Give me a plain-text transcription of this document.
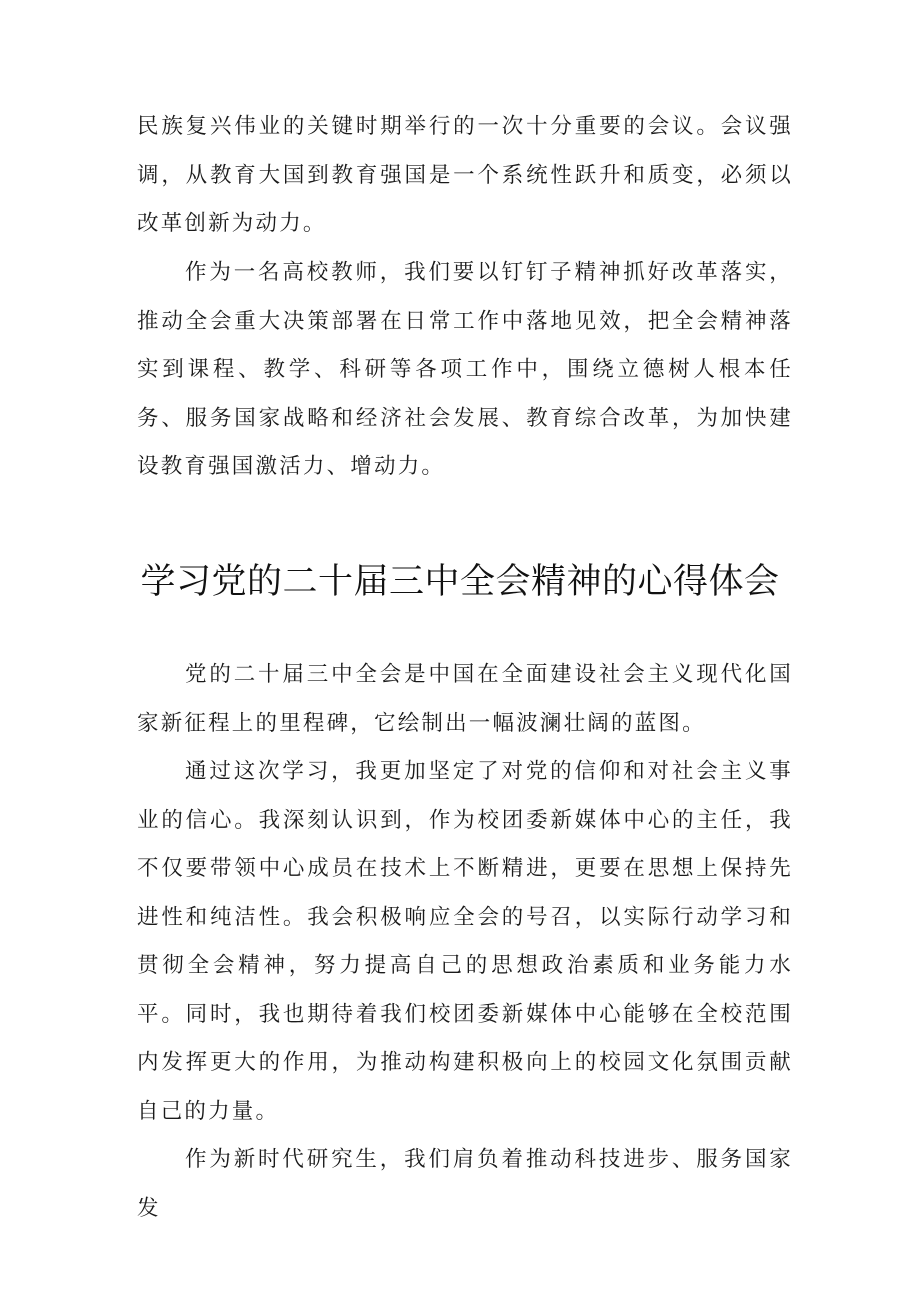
民族复兴伟业的关键时期举行的一次十分重要的会议。会议强调，从教育大国到教育强国是一个系统性跃升和质变，必须以改革创新为动力。

作为一名高校教师，我们要以钉钉子精神抓好改革落实，推动全会重大决策部署在日常工作中落地见效，把全会精神落实到课程、教学、科研等各项工作中，围绕立德树人根本任务、服务国家战略和经济社会发展、教育综合改革，为加快建设教育强国激活力、增动力。

学习党的二十届三中全会精神的心得体会

党的二十届三中全会是中国在全面建设社会主义现代化国家新征程上的里程碑，它绘制出一幅波澜壮阔的蓝图。

通过这次学习，我更加坚定了对党的信仰和对社会主义事业的信心。我深刻认识到，作为校团委新媒体中心的主任，我不仅要带领中心成员在技术上不断精进，更要在思想上保持先进性和纯洁性。我会积极响应全会的号召，以实际行动学习和贯彻全会精神，努力提高自己的思想政治素质和业务能力水平。同时，我也期待着我们校团委新媒体中心能够在全校范围内发挥更大的作用，为推动构建积极向上的校园文化氛围贡献自己的力量。

作为新时代研究生，我们肩负着推动科技进步、服务国家发
